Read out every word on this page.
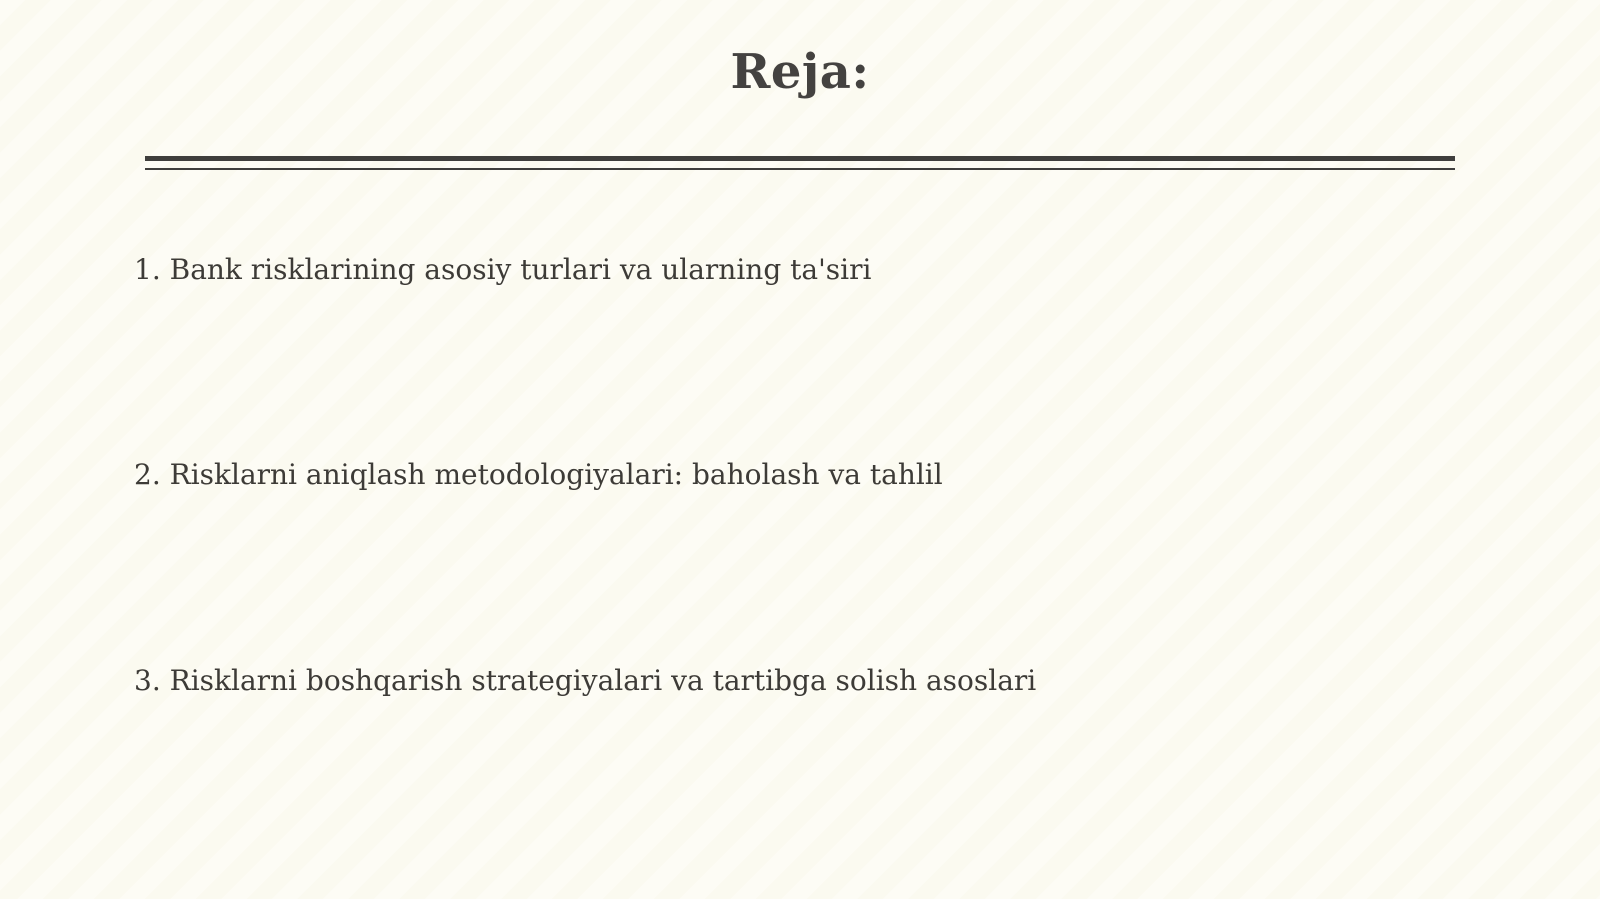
Reja:
1. Bank risklarining asosiy turlari va ularning ta'siri
2. Risklarni aniqlash metodologiyalari: baholash va tahlil
3. Risklarni boshqarish strategiyalari va tartibga solish asoslari
